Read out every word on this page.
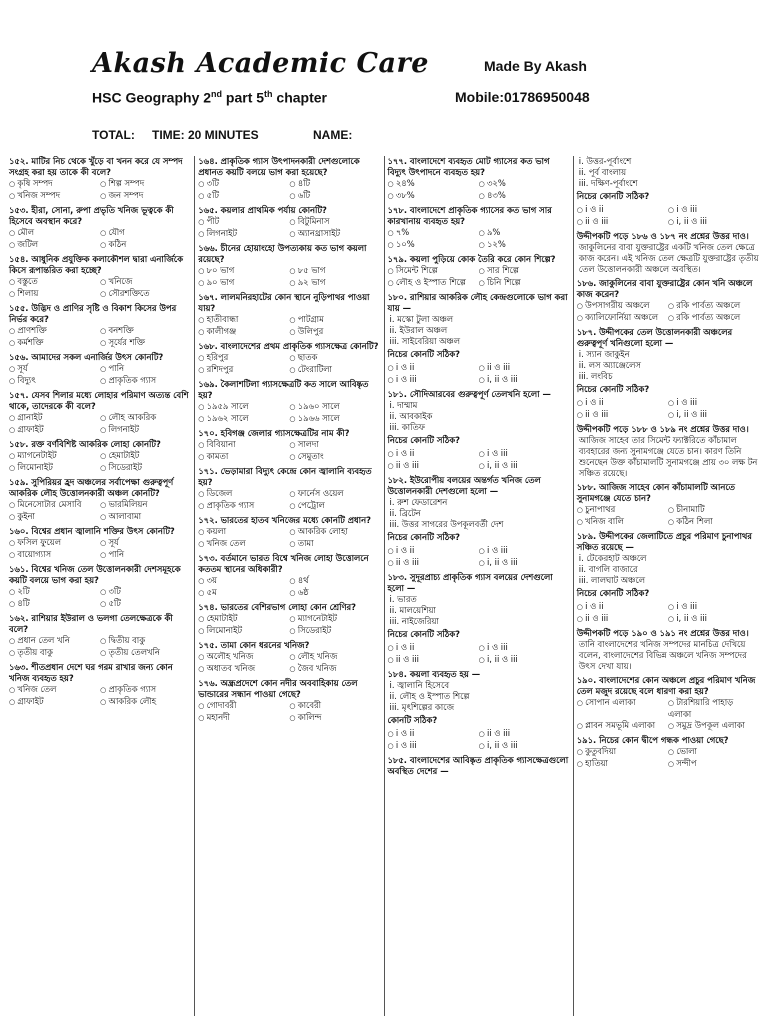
Akash Academic Care	Made By Akash
HSC Geography 2nd part 5th chapter	Mobile:01786950048
TOTAL: TIME: 20 MINUTES	NAME:
১৫২. মাটির নিচ থেকে খুঁড়ে বা খনন করে যে সম্পদ সংগ্রহ করা হয় তাকে কী বলে?
○ কৃষি সম্পদ	○ শিল্প সম্পদ
○ খনিজ সম্পদ	○ জন সম্পদ
১৫৩. হীরা, সোনা, রুপা প্রভৃতি খনিজ ভূত্বকে কী হিসেবে অবস্থান করে?
○ মৌল	○ যৌগ
○ জটিল	○ কঠিন
১৫৪. আধুনিক প্রযুক্তিক কলাকৌশল দ্বারা এনার্জিকে কিসে রূপান্তরিত করা হচ্ছে?
○ বস্তুতে	○ খনিজে
○ শিলায়	○ সৌরশক্তিতে
১৫৫. উদ্ভিদ ও প্রাণির সৃষ্টি ও বিকাশ কিসের উপর নির্ভর করে?
○ প্রাণশক্তি	○ বনশক্তি
○ কর্মশক্তি	○ সূর্যের শক্তি
১৫৬. আমাদের সকল এনার্জির উৎস কোনটি?
○ সূর্য	○ পানি
○ বিদ্যুৎ	○ প্রাকৃতিক গ্যাস
১৫৭. যেসব শিলার মধ্যে লোহার পরিমাণ অত্যন্ত বেশি থাকে, তাদেরকে কী বলে?
○ গ্রানাইট	○ লৌহ আকরিক
○ গ্রাফাইট	○ লিগনাইট
১৫৮. রক্ত বর্ণবিশিষ্ট আকরিক লোহা কোনটি?
○ ম্যাগনেটাইট	○ হেমাটাইট
○ লিমোনাইট	○ সিডেরাইট
১৫৯. সুপিরিয়র হ্রদ অঞ্চলের সর্বাপেক্ষা গুরুত্বপূর্ণ আকরিক লৌহ উত্তোলনকারী অঞ্চল কোনটি?
○ মিনেসোটার মেসাবি	○ ভারমিলিয়ন
○ কুইনা	○ আলাবামা
১৬০. বিশ্বের প্রধান জ্বালানি শক্তির উৎস কোনটি?
○ ফসিল ফুয়েল	○ সূর্য
○ বায়োগ্যাস	○ পানি
১৬১. বিশ্বের খনিজ তেল উত্তোলনকারী দেশসমূহকে কয়টি বলয়ে ভাগ করা হয়?
○ ২টি	○ ৩টি
○ ৪টি	○ ৫টি
১৬২. রাশিয়ার ইউরাল ও ভলগা তেলক্ষেত্রকে কী বলে?
○ প্রধান তেল খনি	○ দ্বিতীয় বাকু
○ তৃতীয় বাকু	○ তৃতীয় তেলখনি
১৬৩. শীতপ্রধান দেশে ঘর গরম রাখার জন্য কোন খনিজ ব্যবহৃত হয়?
○ খনিজ তেল	○ প্রাকৃতিক গ্যাস
○ গ্রাফাইট	○ আকরিক লৌহ
১৬৪. প্রাকৃতিক গ্যাস উৎপাদনকারী দেশগুলোকে প্রধানত কয়টি বলয়ে ভাগ করা হয়েছে?
○ ৩টি	○ ৪টি
○ ৫টি	○ ৬টি
১৬৫. কয়লার প্রাথমিক পর্যায় কোনটি?
○ পীট	○ বিটুমিনাস
○ লিগনাইট	○ অ্যানথ্রাসাইট
১৬৬. চীনের হোয়াংহো উপত্যকায় কত ভাগ কয়লা রয়েছে?
○ ৮০ ভাগ	○ ৮৫ ভাগ
○ ৯০ ভাগ	○ ৯২ ভাগ
১৬৭. লালমনিরহাটের কোন স্থানে নুড়িপাথর পাওয়া যায়?
○ হাতীবান্ধা	○ পাটগ্রাম
○ কালীগঞ্জ	○ উলিপুর
১৬৮. বাংলাদেশের প্রথম প্রাকৃতিক গ্যাসক্ষেত্র কোনটি?
○ হরিপুর	○ ছাতক
○ রশিদপুর	○ টেংরাটিলা
১৬৯. কৈলাশটিলা গ্যাসক্ষেত্রটি কত সালে আবিষ্কৃত হয়?
○ ১৯৫৯ সালে	○ ১৯৬০ সালে
○ ১৯৬২ সালে	○ ১৯৬৬ সালে
১৭০. হবিগঞ্জ জেলার গ্যাসক্ষেত্রটির নাম কী?
○ বিবিয়ানা	○ সালদা
○ কামতা	○ সেমুতাং
১৭১. ভেড়ামারা বিদ্যুৎ কেন্দ্রে কোন জ্বালানি ব্যবহৃত হয়?
○ ডিজেল	○ ফার্নেস ওয়েল
○ প্রাকৃতিক গ্যাস	○ পেট্রোল
১৭২. ভারতের হাতব খনিজের মধ্যে কোনটি প্রধান?
○ কয়লা	○ আকরিক লোহা
○ খনিজ তেল	○ তামা
১৭৩. বর্তমানে ভারত বিশ্বে খনিজ লোহা উত্তোলনে কততম স্থানের অধিকারী?
○ ৩য়	○ ৪র্থ
○ ৫ম	○ ৬ষ্ঠ
১৭৪. ভারতের বেশিরভাগ লোহা কোন শ্রেণির?
○ হেমাটাইট	○ ম্যাগনেটাইট
○ লিমোনাইট	○ সিডেরাইট
১৭৫. তামা কোন ধরনের খনিজ?
○ অলৌহ খনিজ	○ লৌহ খনিজ
○ অধাতব খনিজ	○ জৈব খনিজ
১৭৬. অন্ধ্রপ্রদেশে কোন নদীর অববাহিকায় তেল ভান্ডারের সন্ধান পাওয়া গেছে?
○ গোদাবরী	○ কাবেরী
○ মহানদী	○ কালিন্দ
১৭৭. বাংলাদেশে ব্যবহৃত মোট গ্যাসের কত ভাগ বিদ্যুৎ উৎপাদনে ব্যবহৃত হয়?
○ ২৪%	○ ৩২%
○ ৩৮%	○ ৪৩%
১৭৮. বাংলাদেশে প্রাকৃতিক গ্যাসের কত ভাগ সার কারখানায় ব্যবহৃত হয়?
○ ৭%	○ ৯%
○ ১০%	○ ১২%
১৭৯. কয়লা পুড়িয়ে কোক তৈরি করে কোন শিল্পে?
○ সিমেন্ট শিল্পে	○ সার শিল্পে
○ লৌহ ও ইস্পাত শিল্পে	○ চিনি শিল্পে
১৮০. রাশিয়ার আকরিক লৌহ কেন্দ্রগুলোকে ভাগ করা যায় —
i. মস্কো টুলা অঞ্চল
ii. ইউরাল অঞ্চল
iii. সাইবেরিয়া অঞ্চল
নিচের কোনটি সঠিক?
○ i ও ii	○ ii ও iii
○ i ও iii	○ i, ii ও iii
১৮১. সৌদিআরবের গুরুত্বপূর্ণ তেলখনি হলো —
i. দাম্মাম
ii. আবকাইক
iii. কাতিফ
নিচের কোনটি সঠিক?
○ i ও ii	○ i ও iii
○ ii ও iii	○ i, ii ও iii
১৮২. ইউরোপীয় বলয়ের অন্তর্গত খনিজ তেল উত্তোলনকারী দেশগুলো হলো —
i. রুশ ফেডারেশন
ii. ব্রিটেন
iii. উত্তর সাগরের উপকূলবর্তী দেশ
নিচের কোনটি সঠিক?
○ i ও ii	○ i ও iii
○ ii ও iii	○ i, ii ও iii
১৮৩. সুদূরপ্রাচ্য প্রাকৃতিক গ্যাস বলয়ের দেশগুলো হলো —
i. ভারত
ii. মালয়েশিয়া
iii. নাইজেরিয়া
নিচের কোনটি সঠিক?
○ i ও ii	○ i ও iii
○ ii ও iii	○ i, ii ও iii
১৮৪. কয়লা ব্যবহৃত হয় —
i. জ্বালানি হিসেবে
ii. লৌহ ও ইস্পাত শিল্পে
iii. মৃৎশিল্পের কাজে
কোনটি সঠিক?
○ i ও ii	○ ii ও iii
○ i ও iii	○ i, ii ও iii
১৮৫. বাংলাদেশের আবিষ্কৃত প্রাকৃতিক গ্যাসক্ষেত্রগুলো অবস্থিত দেশের —
i. উত্তর-পূর্বাংশে
ii. পূর্ব বাংলায়
iii. দক্ষিণ-পূর্বাংশে
নিচের কোনটি সঠিক?
○ i ও ii	○ i ও iii
○ ii ও iii	○ i, ii ও iii
উদ্দীপকটি পড়ে ১৮৬ ও ১৮৭ নং প্রশ্নের উত্তর দাও।
জাকুলিনের বাবা যুক্তরাষ্ট্রের একটি খনিজ তেল ক্ষেত্রে কাজ করেন। এই খনিজ তেল ক্ষেত্রটি যুক্তরাষ্ট্রের তৃতীয় তেল উত্তোলনকারী অঞ্চলে অবস্থিত।
১৮৬. জাকুলিনের বাবা যুক্তরাষ্ট্রের কোন খনি অঞ্চলে কাজ করেন?
○ উপসাগরীয় অঞ্চলে	○ রকি পার্বত্য অঞ্চলে
○ ক্যালিফোর্নিয়া অঞ্চলে	○ রকি পার্বত্য অঞ্চলে
১৮৭. উদ্দীপকের তেল উত্তোলনকারী অঞ্চলের গুরুত্বপূর্ণ খনিগুলো হলো —
i. স্যান জাকুইন
ii. লস অ্যাঞ্জেলেস
iii. লংবিচ
নিচের কোনটি সঠিক?
○ i ও ii	○ i ও iii
○ ii ও iii	○ i, ii ও iii
উদ্দীপকটি পড়ে ১৮৮ ও ১৮৯ নং প্রশ্নের উত্তর দাও।
আজিজ সাহেব তার সিমেন্ট ফ্যাক্টরিতে কাঁচামাল ব্যবহারের জন্য সুনামগঞ্জে যেতে চান। কারণ তিনি শুনেছেন উক্ত কাঁচামালটি সুনামগঞ্জে প্রায় ৩০ লক্ষ টন সঞ্চিত রয়েছে।
১৮৮. আজিজ সাহেব কোন কাঁচামালটি আনতে সুনামগঞ্জে যেতে চান?
○ চুনাপাথর	○ চীনামাটি
○ খনিজ বালি	○ কঠিন শিলা
১৮৯. উদ্দীপকের জেলাটিতে প্রচুর পরিমাণ চুনাপাথর সঞ্চিত রয়েছে —
i. টেকেরহাট অঞ্চলে
ii. বাগলি বাজারে
iii. লালঘাট অঞ্চলে
নিচের কোনটি সঠিক?
○ i ও ii	○ i ও iii
○ ii ও iii	○ i, ii ও iii
উদ্দীপকটি পড়ে ১৯০ ও ১৯১ নং প্রশ্নের উত্তর দাও।
তানি বাংলাদেশের খনিজ সম্পদের মানচিত্র দেখিয়ে বলেন, বাংলাদেশের বিভিন্ন অঞ্চলে খনিজ সম্পদের উৎস দেখা যায়।
১৯০. বাংলাদেশের কোন অঞ্চলে প্রচুর পরিমাণ খনিজ তেল মজুদ রয়েছে বলে ধারণা করা হয়?
○ সোপান এলাকা	○ টারশিয়ারি পাহাড় এলাকা
○ প্লাবন সমভূমি এলাকা	○ সমুদ্র উপকূল এলাকা
১৯১. নিচের কোন দ্বীপে গন্ধক পাওয়া গেছে?
○ কুতুবদিয়া	○ ভোলা
○ হাতিয়া	○ সন্দীপ
